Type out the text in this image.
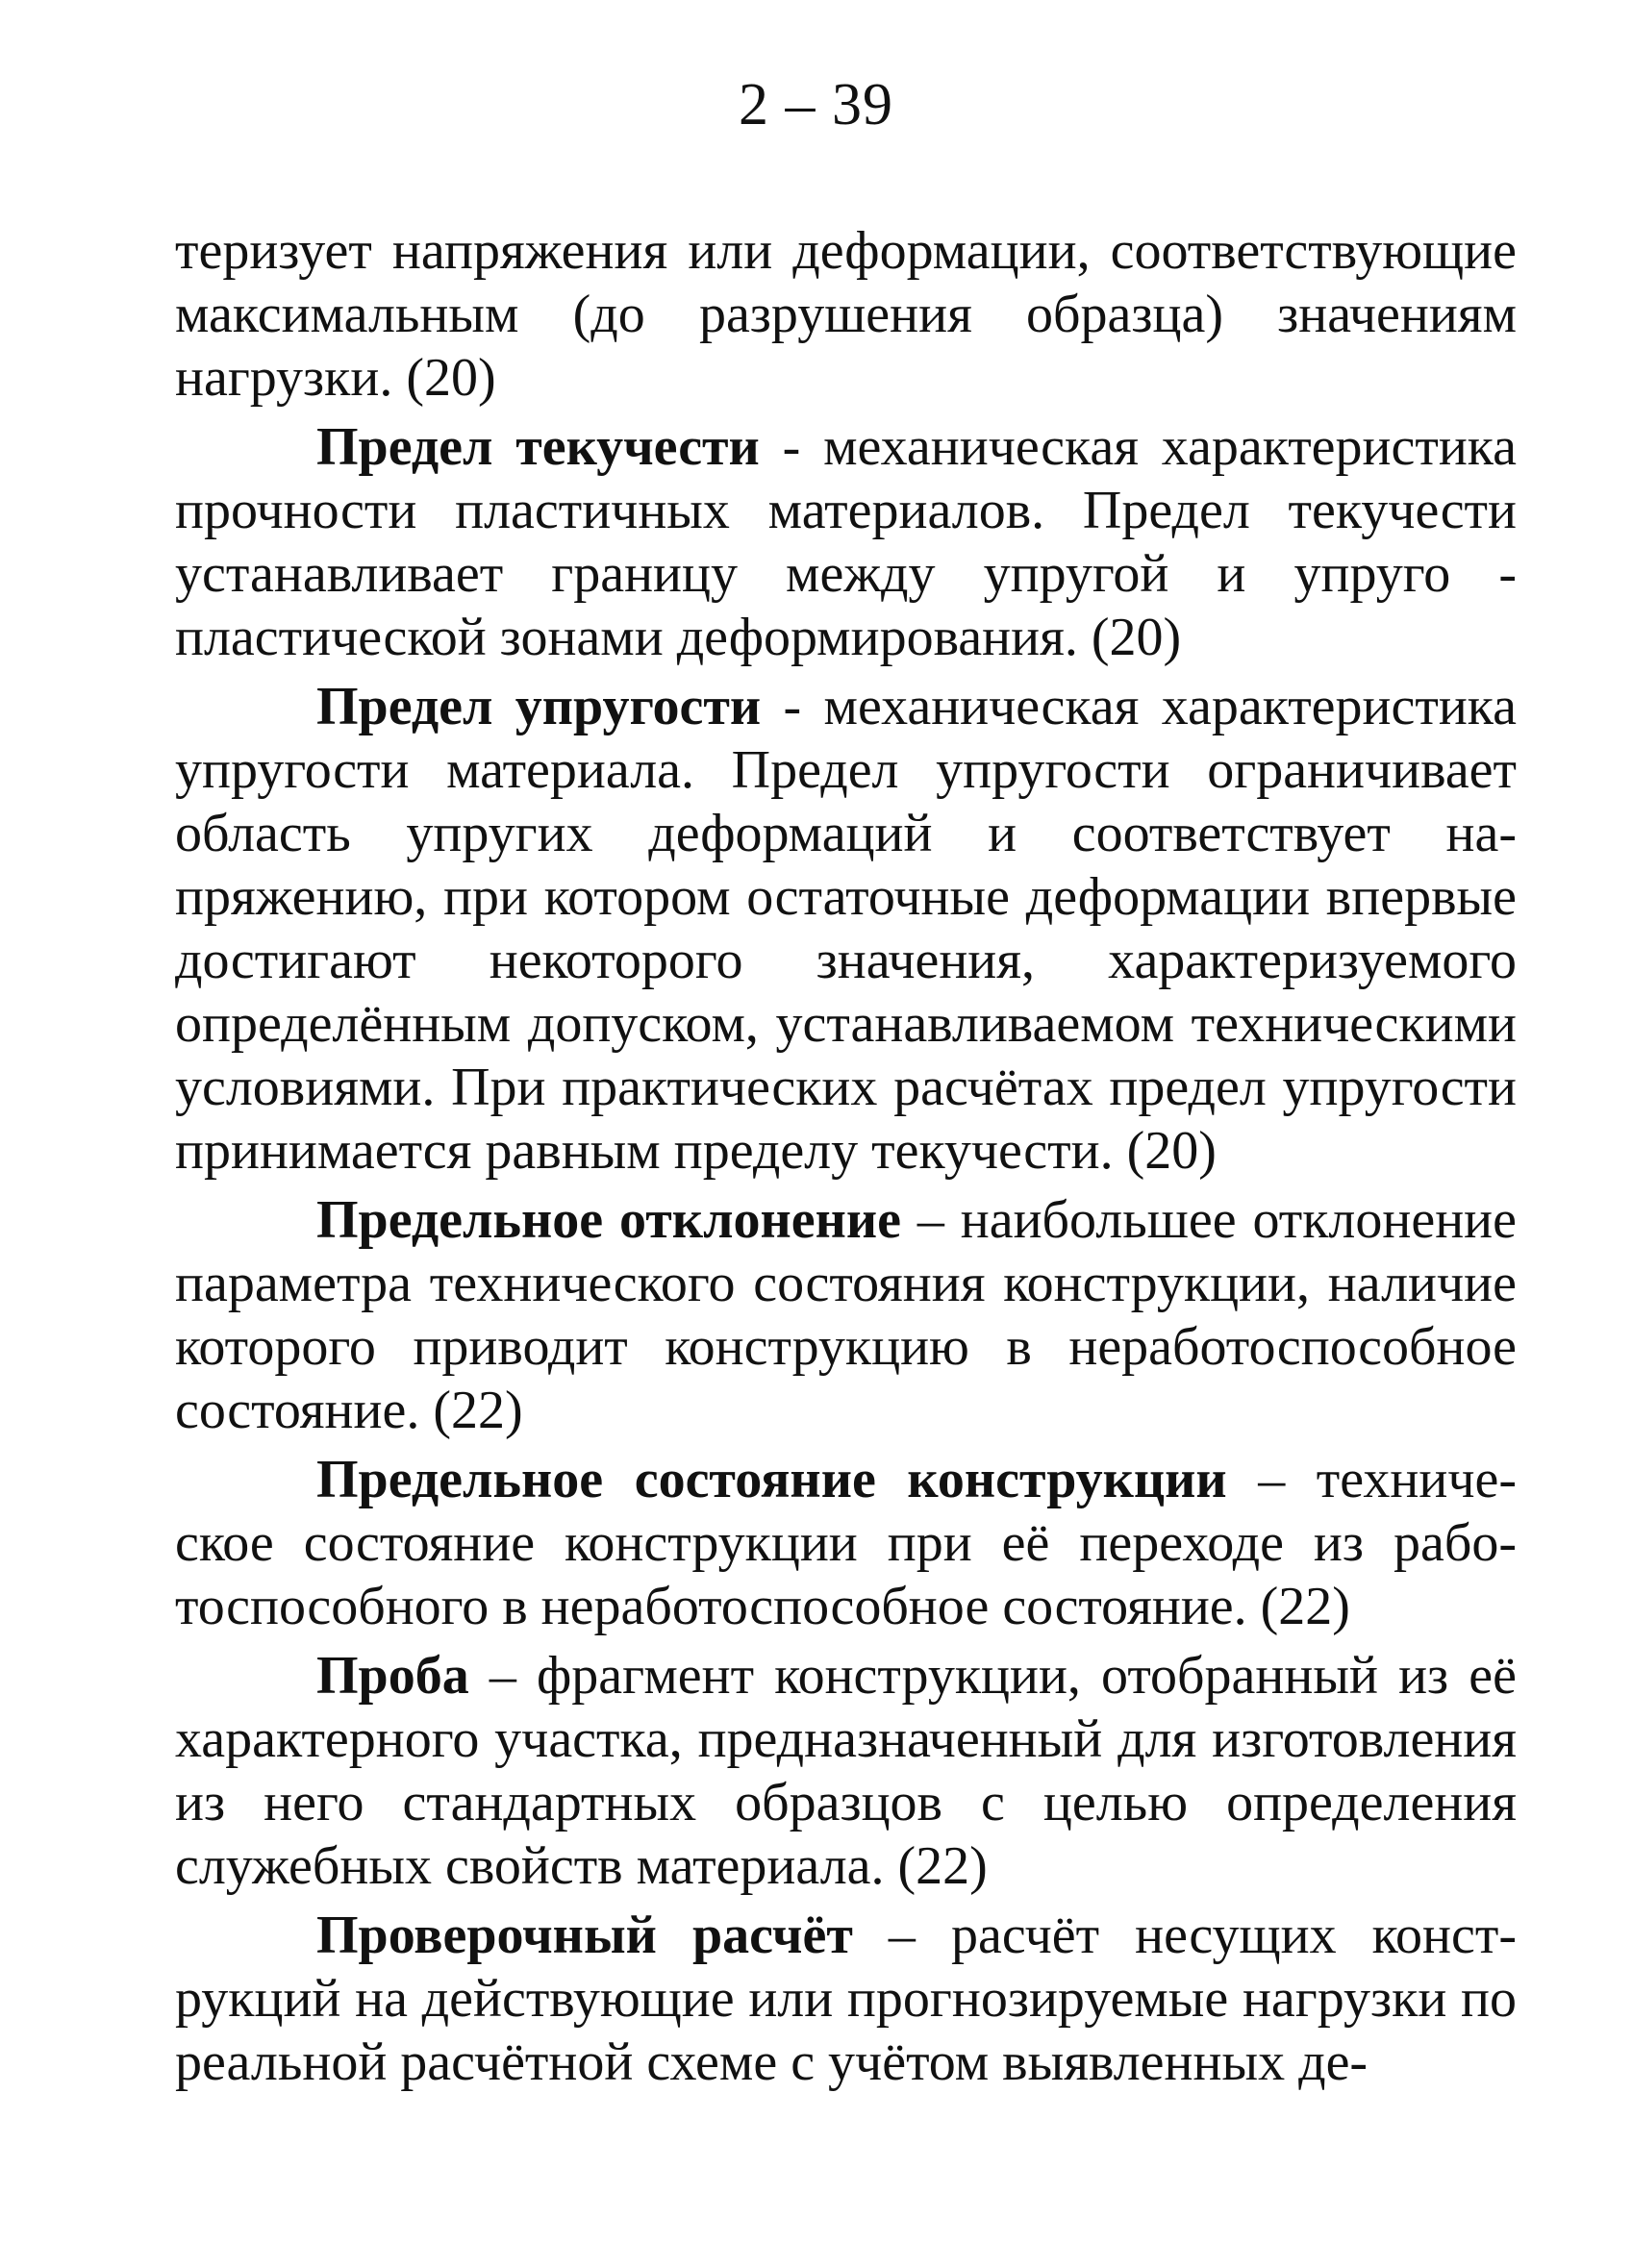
2 – 39

теризует напряжения или деформации, соответствующие максимальным (до разрушения образца) значениям нагрузки. (20)

Предел текучести - механическая характеристика прочности пластичных материалов. Предел текучести устанавливает границу между упругой и упруго - пластической зонами деформирования. (20)

Предел упругости - механическая характеристика упругости материала. Предел упругости ограничивает область упругих деформаций и соответствует напряжению, при котором остаточные деформации впервые достигают некоторого значения, характеризуемого определённым допуском, устанавливаемом техническими условиями. При практических расчётах предел упругости принимается равным пределу текучести. (20)

Предельное отклонение – наибольшее отклонение параметра технического состояния конструкции, наличие которого приводит конструкцию в неработоспособное состояние. (22)

Предельное состояние конструкции – техническое состояние конструкции при её переходе из работоспособного в неработоспособное состояние. (22)

Проба – фрагмент конструкции, отобранный из её характерного участка, предназначенный для изготовления из него стандартных образцов с целью определения служебных свойств материала. (22)

Проверочный расчёт – расчёт несущих конструкций на действующие или прогнозируемые нагрузки по реальной расчётной схеме с учётом выявленных де-
